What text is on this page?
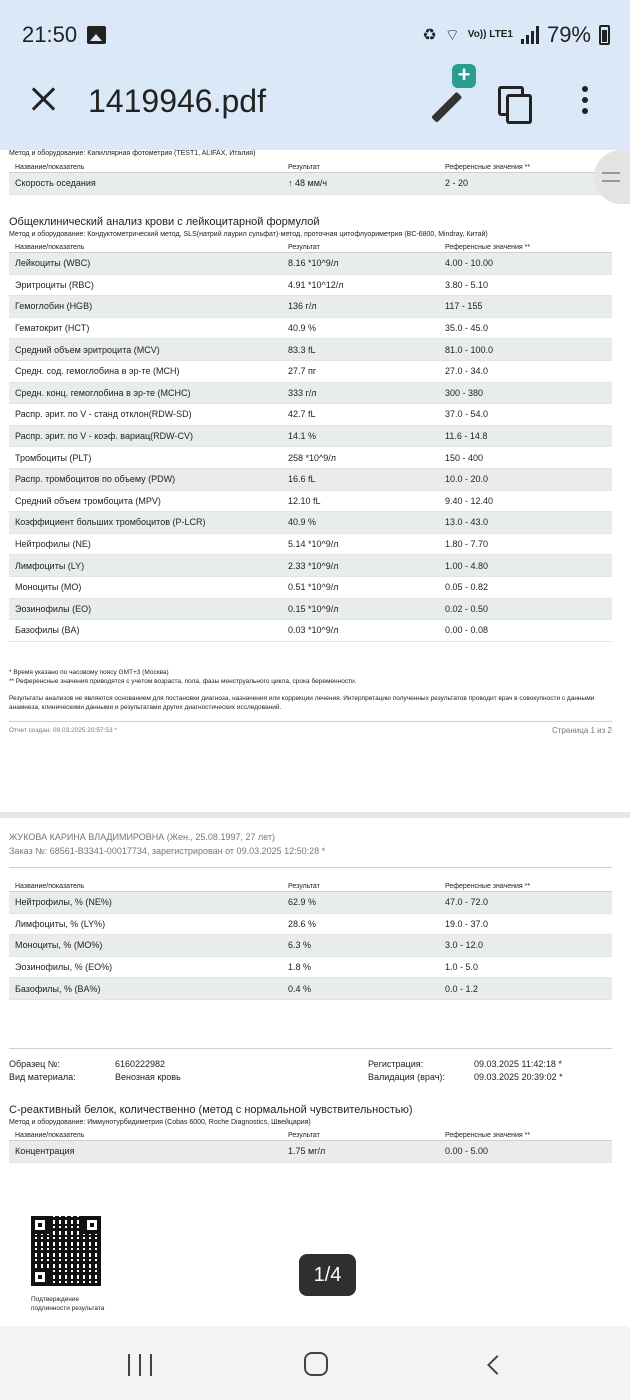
21:50	♻ ⌔ Vo)) LTE1 79%
1419946.pdf
+
Метод и оборудование: Капиллярная фотометрия (TEST1, ALIFAX, Италия)
Название/показатель	Результат	Референсные значения **
Скорость оседания	↑ 48 мм/ч	2 - 20
Общеклинический анализ крови с лейкоцитарной формулой
Метод и оборудование: Кондуктометрический метод, SLS(натрий лаурил сульфат)-метод, проточная цитофлуориметрия (BC-6800, Mindray, Китай)
Название/показатель	Результат	Референсные значения **
Лейкоциты (WBC)	8.16 *10^9/л	4.00 - 10.00
Эритроциты (RBC)	4.91 *10^12/л	3.80 - 5.10
Гемоглобин (HGB)	136 г/л	117 - 155
Гематокрит (HCT)	40.9 %	35.0 - 45.0
Средний объем эритроцита (MCV)	83.3 fL	81.0 - 100.0
Средн. сод. гемоглобина в эр-те (MCH)	27.7 пг	27.0 - 34.0
Средн. конц. гемоглобина в эр-те (MCHC)	333 г/л	300 - 380
Распр. эрит. по V - станд отклон(RDW-SD)	42.7 fL	37.0 - 54.0
Распр. эрит. по V - коэф. вариац(RDW-CV)	14.1 %	11.6 - 14.8
Тромбоциты (PLT)	258 *10^9/л	150 - 400
Распр. тромбоцитов по объему (PDW)	16.6 fL	10.0 - 20.0
Средний объем тромбоцита (MPV)	12.10 fL	9.40 - 12.40
Коэффициент больших тромбоцитов (P-LCR)	40.9 %	13.0 - 43.0
Нейтрофилы (NE)	5.14 *10^9/л	1.80 - 7.70
Лимфоциты (LY)	2.33 *10^9/л	1.00 - 4.80
Моноциты (MO)	0.51 *10^9/л	0.05 - 0.82
Эозинофилы (EO)	0.15 *10^9/л	0.02 - 0.50
Базофилы (BA)	0.03 *10^9/л	0.00 - 0.08
* Время указано по часовому поясу GMT+3 (Москва)
** Референсные значения приводятся с учетом возраста, пола, фазы менструального цикла, срока беременности.
Результаты анализов не являются основанием для постановки диагноза, назначения или коррекции лечения. Интерпретацию полученных результатов проводит врач в совокупности с данными анамнеза, клиническими данными и результатами других диагностических исследований.
Отчет создан: 09.03.2025 20:57:53 *	Страница 1 из 2
ЖУКОВА КАРИНА ВЛАДИМИРОВНА (Жен., 25.08.1997, 27 лет)
Заказ №: 68561-В3341-00017734, зарегистрирован от 09.03.2025 12:50:28 *
Название/показатель	Результат	Референсные значения **
Нейтрофилы, % (NE%)	62.9 %	47.0 - 72.0
Лимфоциты, % (LY%)	28.6 %	19.0 - 37.0
Моноциты, % (MO%)	6.3 %	3.0 - 12.0
Эозинофилы, % (EO%)	1.8 %	1.0 - 5.0
Базофилы, % (BA%)	0.4 %	0.0 - 1.2
Образец №:	6160222982	Регистрация:	09.03.2025 11:42:18 *
Вид материала:	Венозная кровь	Валидация (врач):	09.03.2025 20:39:02 *
С-реактивный белок, количественно (метод с нормальной чувствительностью)
Метод и оборудование: Иммунотурбидиметрия (Cobas 6000, Roche Diagnostics, Швейцария)
Название/показатель	Результат	Референсные значения **
Концентрация	1.75 мг/л	0.00 - 5.00
Подтверждение
подлинности результата
1/4
